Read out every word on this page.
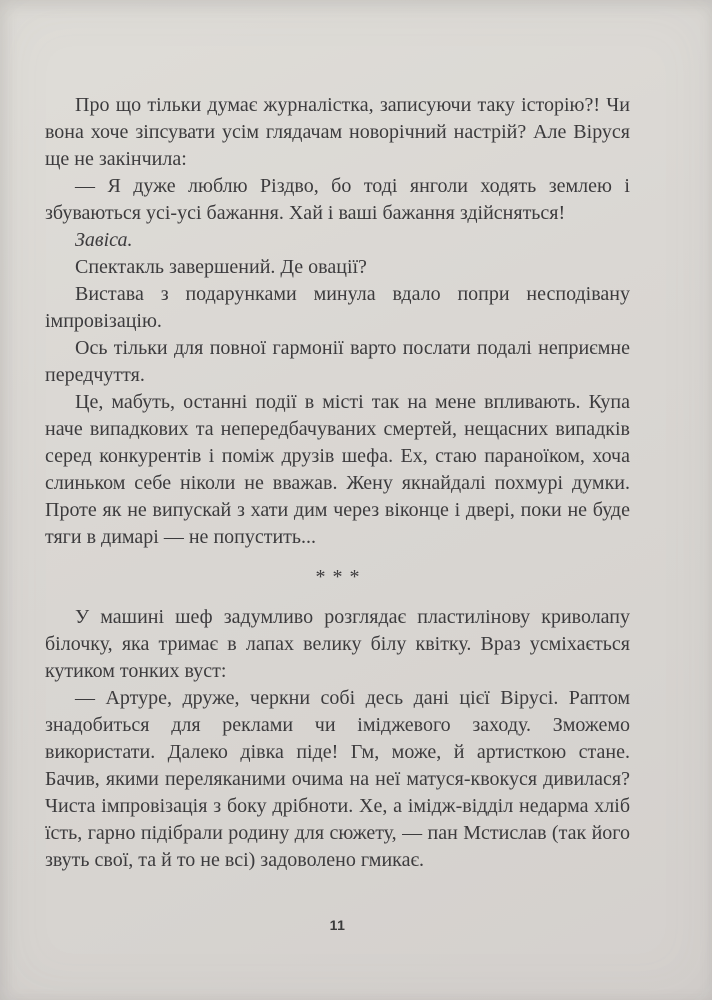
Про що тільки думає журналістка, записуючи таку історію?! Чи вона хоче зіпсувати усім глядачам новорічний настрій? Але Віруся ще не закінчила:

— Я дуже люблю Різдво, бо тоді янголи ходять землею і збуваються усі-усі бажання. Хай і ваші бажання здійсняться!

Завіса.

Спектакль завершений. Де овації?

Вистава з подарунками минула вдало попри несподівану імпровізацію.

Ось тільки для повної гармонії варто послати подалі неприємне передчуття.

Це, мабуть, останні події в місті так на мене впливають. Купа наче випадкових та непередбачуваних смертей, нещасних випадків серед конкурентів і поміж друзів шефа. Ех, стаю параноїком, хоча слиньком себе ніколи не вважав. Жену якнайдалі похмурі думки. Проте як не випускай з хати дим через віконце і двері, поки не буде тяги в димарі — не попустить...

***

У машині шеф задумливо розглядає пластилінову криволапу білочку, яка тримає в лапах велику білу квітку. Враз усміхається кутиком тонких вуст:

— Артуре, друже, черкни собі десь дані цієї Вірусі. Раптом знадобиться для реклами чи іміджевого заходу. Зможемо використати. Далеко дівка піде! Гм, може, й артисткою стане. Бачив, якими переляканими очима на неї матуся-квокуся дивилася? Чиста імпровізація з боку дрібноти. Хе, а імідж-відділ недарма хліб їсть, гарно підібрали родину для сюжету, — пан Мстислав (так його звуть свої, та й то не всі) задоволено гмикає.

11
